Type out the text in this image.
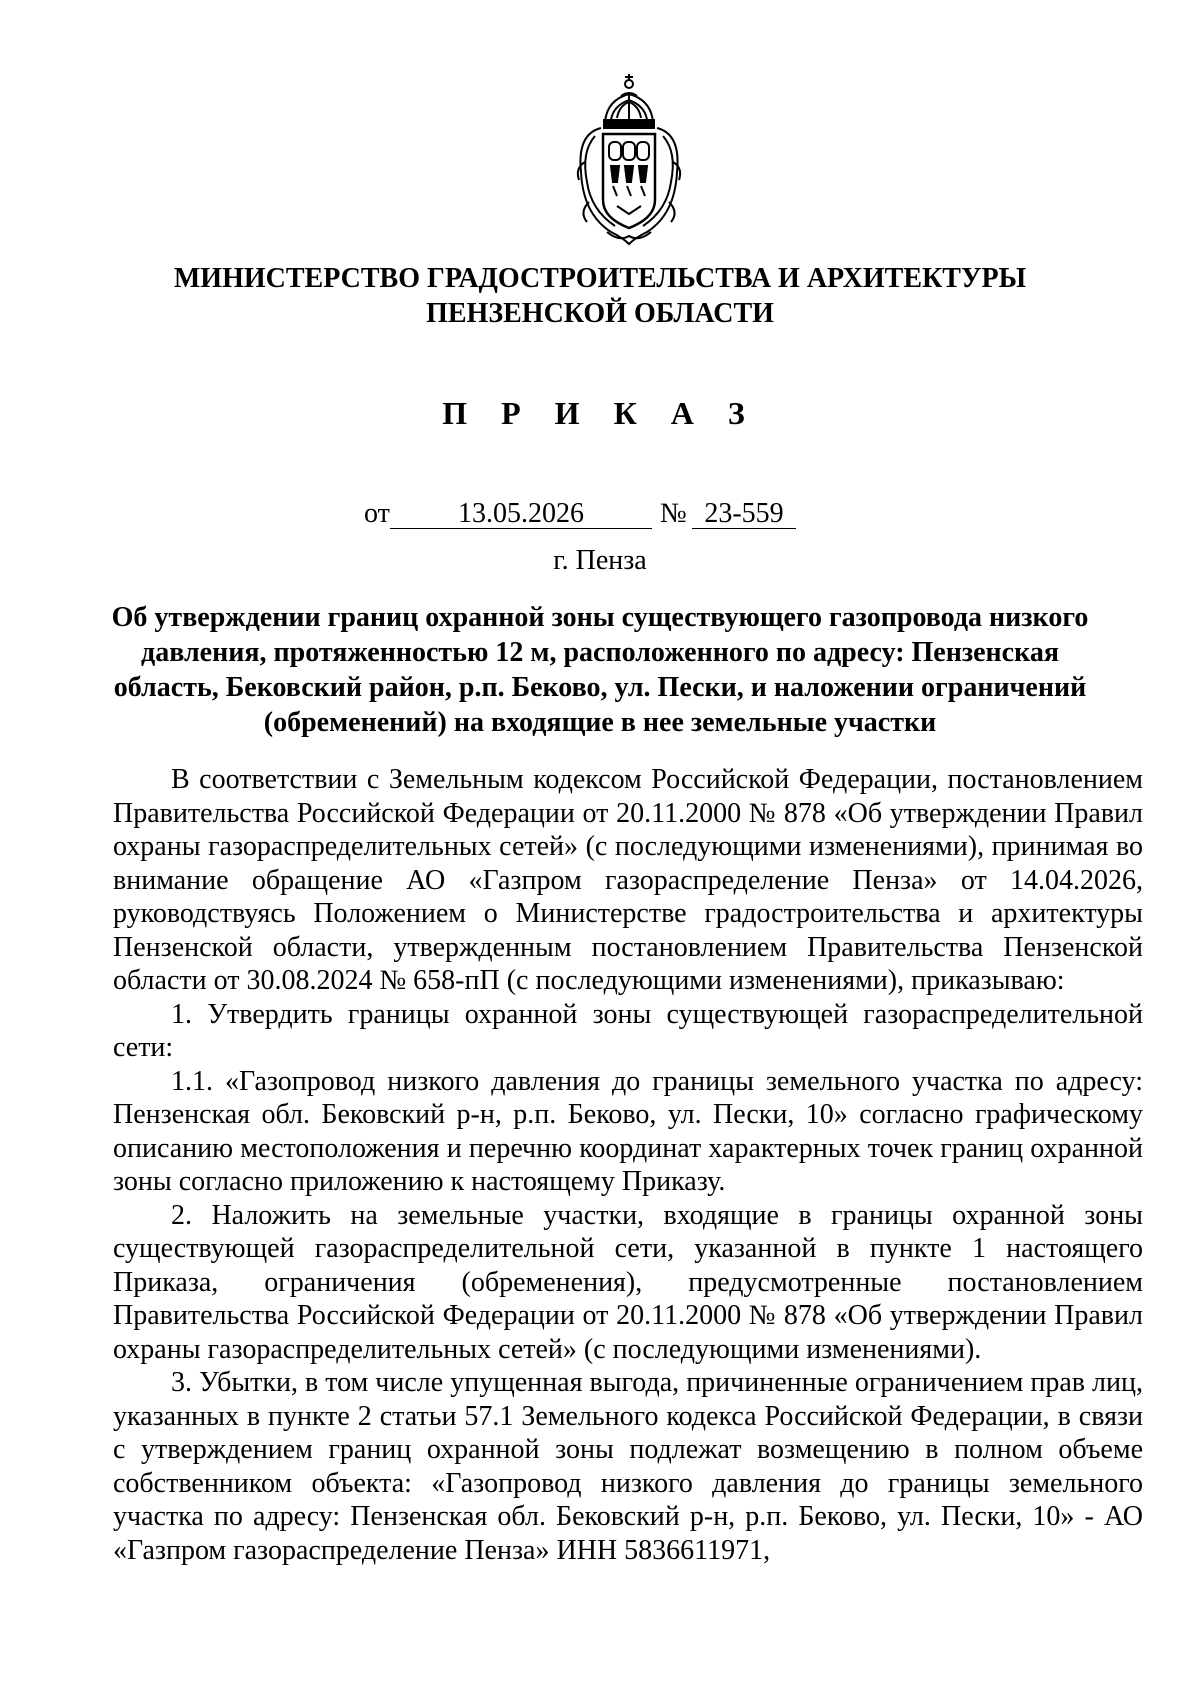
МИНИСТЕРСТВО ГРАДОСТРОИТЕЛЬСТВА И АРХИТЕКТУРЫ
ПЕНЗЕНСКОЙ ОБЛАСТИ
П Р И К А З
от	13.05.2026	№ 23-559
г. Пенза
Об утверждении границ охранной зоны существующего газопровода низкого
давления, протяженностью 12 м, расположенного по адресу: Пензенская
область, Бековский район, р.п. Беково, ул. Пески, и наложении ограничений
(обременений) на входящие в нее земельные участки

В соответствии с Земельным кодексом Российской Федерации, постановлением Правительства Российской Федерации от 20.11.2000 № 878 «Об утверждении Правил охраны газораспределительных сетей» (с последующими изменениями), принимая во внимание обращение АО «Газпром газораспределение Пенза» от 14.04.2026, руководствуясь Положением о Министерстве градостроительства и архитектуры Пензенской области, утвержденным постановлением Правительства Пензенской области от 30.08.2024 № 658-пП (с последующими изменениями), приказываю:

1. Утвердить границы охранной зоны существующей газораспределительной сети:

1.1. «Газопровод низкого давления до границы земельного участка по адресу: Пензенская обл. Бековский р-н, р.п. Беково, ул. Пески, 10» согласно графическому описанию местоположения и перечню координат характерных точек границ охранной зоны согласно приложению к настоящему Приказу.

2. Наложить на земельные участки, входящие в границы охранной зоны существующей газораспределительной сети, указанной в пункте 1 настоящего Приказа, ограничения (обременения), предусмотренные постановлением Правительства Российской Федерации от 20.11.2000 № 878 «Об утверждении Правил охраны газораспределительных сетей» (с последующими изменениями).

3. Убытки, в том числе упущенная выгода, причиненные ограничением прав лиц, указанных в пункте 2 статьи 57.1 Земельного кодекса Российской Федерации, в связи с утверждением границ охранной зоны подлежат возмещению в полном объеме собственником объекта: «Газопровод низкого давления до границы земельного участка по адресу: Пензенская обл. Бековский р-н, р.п. Беково, ул. Пески, 10» - АО «Газпром газораспределение Пенза» ИНН 5836611971,
